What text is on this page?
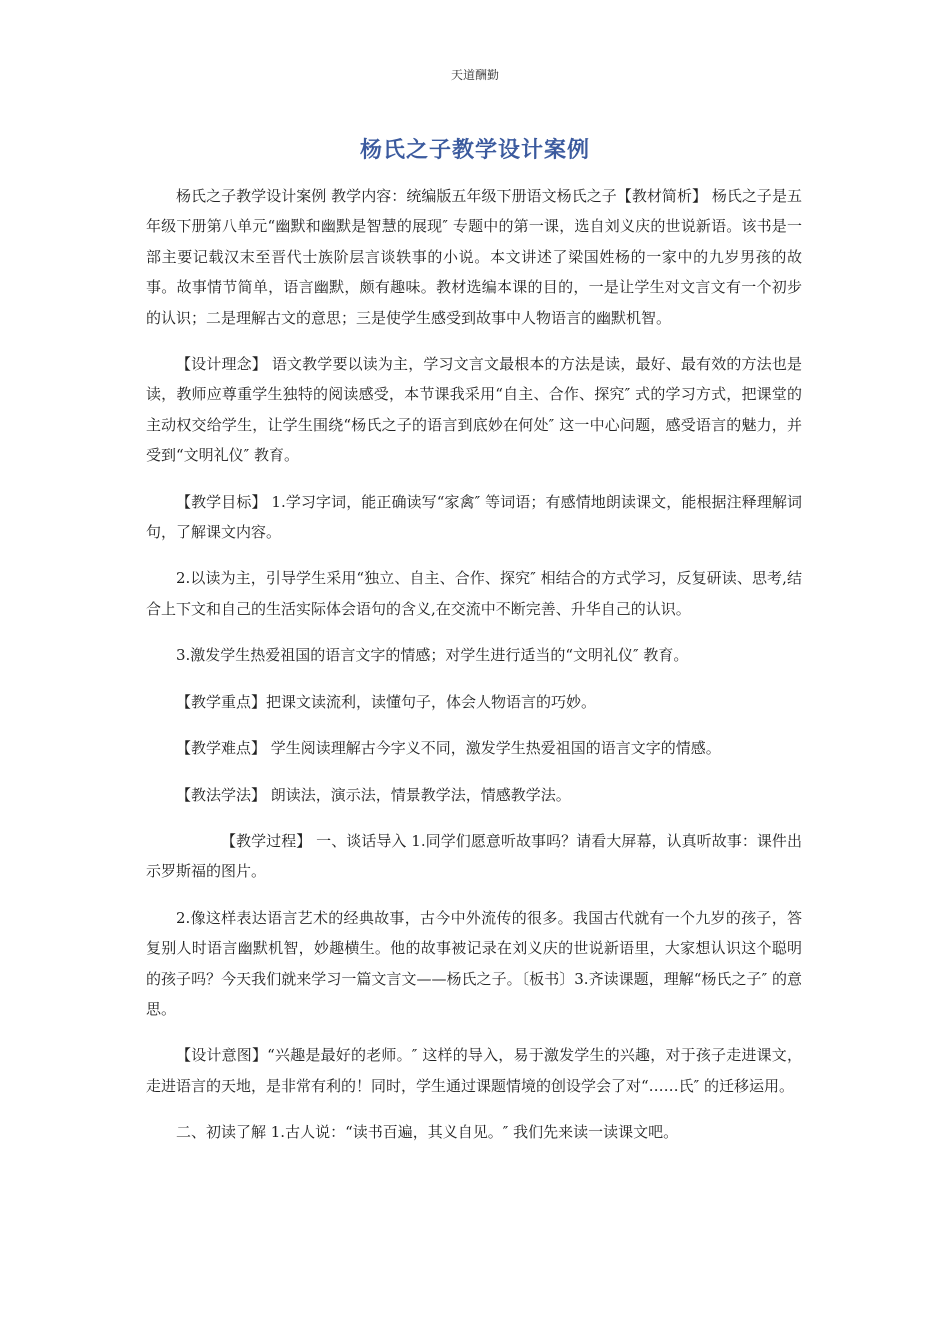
天道酬勤
杨氏之子教学设计案例

杨氏之子教学设计案例 教学内容：统编版五年级下册语文杨氏之子【教材简析】 杨氏之子是五年级下册第八单元“幽默和幽默是智慧的展现″ 专题中的第一课，选自刘义庆的世说新语。该书是一部主要记载汉末至晋代士族阶层言谈轶事的小说。本文讲述了梁国姓杨的一家中的九岁男孩的故事。故事情节简单，语言幽默，颇有趣味。教材选编本课的目的，一是让学生对文言文有一个初步的认识；二是理解古文的意思；三是使学生感受到故事中人物语言的幽默机智。

【设计理念】 语文教学要以读为主，学习文言文最根本的方法是读，最好、最有效的方法也是读，教师应尊重学生独特的阅读感受，本节课我采用“自主、合作、探究″ 式的学习方式，把课堂的主动权交给学生，让学生围绕“杨氏之子的语言到底妙在何处″ 这一中心问题，感受语言的魅力，并受到“文明礼仪″ 教育。

【教学目标】 1.学习字词，能正确读写“家禽″ 等词语；有感情地朗读课文，能根据注释理解词句，了解课文内容。

2.以读为主，引导学生采用“独立、自主、合作、探究″ 相结合的方式学习，反复研读、思考,结合上下文和自己的生活实际体会语句的含义,在交流中不断完善、升华自己的认识。

3.激发学生热爱祖国的语言文字的情感；对学生进行适当的“文明礼仪″ 教育。

【教学重点】把课文读流利，读懂句子，体会人物语言的巧妙。

【教学难点】 学生阅读理解古今字义不同，激发学生热爱祖国的语言文字的情感。

【教法学法】 朗读法，演示法，情景教学法，情感教学法。

【教学过程】 一、谈话导入 1.同学们愿意听故事吗？请看大屏幕，认真听故事：课件出示罗斯福的图片。

2.像这样表达语言艺术的经典故事，古今中外流传的很多。我国古代就有一个九岁的孩子，答复别人时语言幽默机智，妙趣横生。他的故事被记录在刘义庆的世说新语里，大家想认识这个聪明的孩子吗？今天我们就来学习一篇文言文——杨氏之子。〔板书〕3.齐读课题，理解“杨氏之子″ 的意思。

【设计意图】“兴趣是最好的老师。″ 这样的导入，易于激发学生的兴趣，对于孩子走进课文，走进语言的天地，是非常有利的！同时，学生通过课题情境的创设学会了对“……氏″ 的迁移运用。

二、初读了解 1.古人说：“读书百遍，其义自见。″ 我们先来读一读课文吧。
